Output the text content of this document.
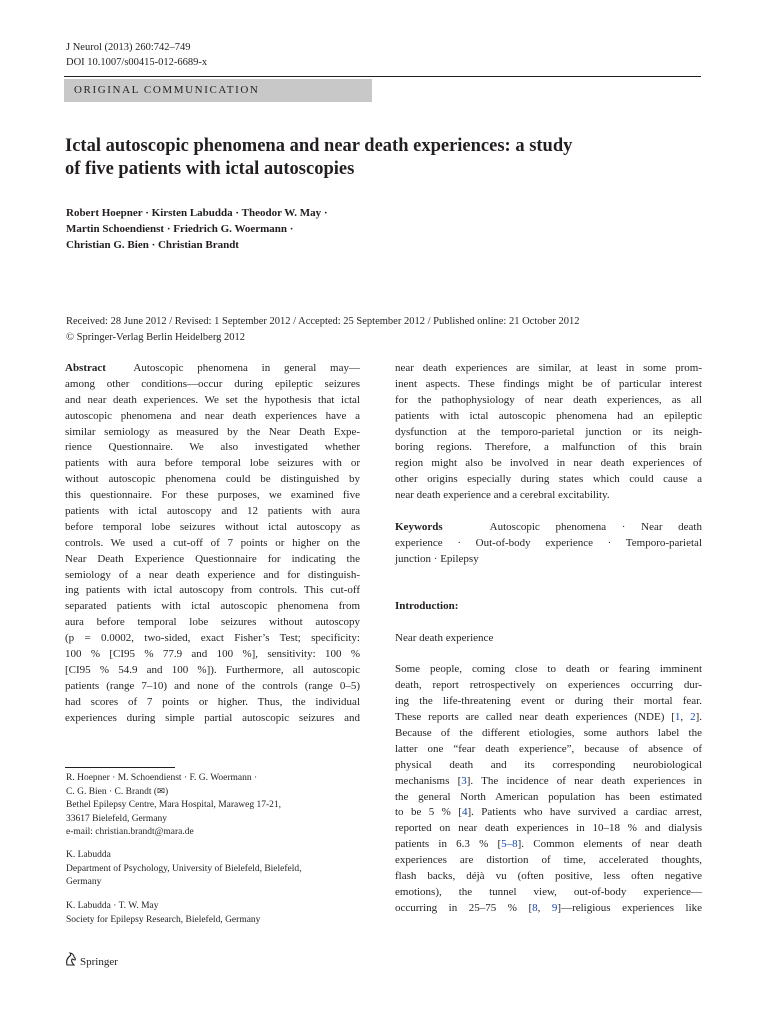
J Neurol (2013) 260:742–749
DOI 10.1007/s00415-012-6689-x
ORIGINAL COMMUNICATION
Ictal autoscopic phenomena and near death experiences: a study
of five patients with ictal autoscopies
Robert Hoepner · Kirsten Labudda · Theodor W. May ·
Martin Schoendienst · Friedrich G. Woermann ·
Christian G. Bien · Christian Brandt
Received: 28 June 2012 / Revised: 1 September 2012 / Accepted: 25 September 2012 / Published online: 21 October 2012
© Springer-Verlag Berlin Heidelberg 2012
Abstract Autoscopic phenomena in general may—
among other conditions—occur during epileptic seizures
and near death experiences. We set the hypothesis that ictal
autoscopic phenomena and near death experiences have a
similar semiology as measured by the Near Death Expe-
rience Questionnaire. We also investigated whether
patients with aura before temporal lobe seizures with or
without autoscopic phenomena could be distinguished by
this questionnaire. For these purposes, we examined five
patients with ictal autoscopy and 12 patients with aura
before temporal lobe seizures without ictal autoscopy as
controls. We used a cut-off of 7 points or higher on the
Near Death Experience Questionnaire for indicating the
semiology of a near death experience and for distinguish-
ing patients with ictal autoscopy from controls. This cut-off
separated patients with ictal autoscopic phenomena from
aura before temporal lobe seizures without autoscopy
(p = 0.0002, two-sided, exact Fisher’s Test; specificity:
100 % [CI95 % 77.9 and 100 %], sensitivity: 100 %
[CI95 % 54.9 and 100 %]). Furthermore, all autoscopic
patients (range 7–10) and none of the controls (range 0–5)
had scores of 7 points or higher. Thus, the individual
experiences during simple partial autoscopic seizures and
R. Hoepner · M. Schoendienst · F. G. Woermann ·
C. G. Bien · C. Brandt (✉)
Bethel Epilepsy Centre, Mara Hospital, Maraweg 17-21,
33617 Bielefeld, Germany
e-mail: christian.brandt@mara.de
K. Labudda
Department of Psychology, University of Bielefeld, Bielefeld,
Germany
K. Labudda · T. W. May
Society for Epilepsy Research, Bielefeld, Germany
Springer
near death experiences are similar, at least in some prom-
inent aspects. These findings might be of particular interest
for the pathophysiology of near death experiences, as all
patients with ictal autoscopic phenomena had an epileptic
dysfunction at the temporo-parietal junction or its neigh-
boring regions. Therefore, a malfunction of this brain
region might also be involved in near death experiences of
other origins especially during states which could cause a
near death experience and a cerebral excitability.
Keywords	Autoscopic phenomena · Near death
experience · Out-of-body experience · Temporo-parietal
junction · Epilepsy
Introduction:
Near death experience
Some people, coming close to death or fearing imminent
death, report retrospectively on experiences occurring dur-
ing the life-threatening event or during their mortal fear.
These reports are called near death experiences (NDE) [1, 2].
Because of the different etiologies, some authors label the
latter one “fear death experience”, because of absence of
physical death and its corresponding neurobiological
mechanisms [3]. The incidence of near death experiences in
the general North American population has been estimated
to be 5 % [4]. Patients who have survived a cardiac arrest,
reported on near death experiences in 10–18 % and dialysis
patients in 6.3 % [5–8]. Common elements of near death
experiences are distortion of time, accelerated thoughts,
flash backs, déjà vu (often positive, less often negative
emotions), the tunnel view, out-of-body experience—
occurring in 25–75 % [8, 9]—religious experiences like
